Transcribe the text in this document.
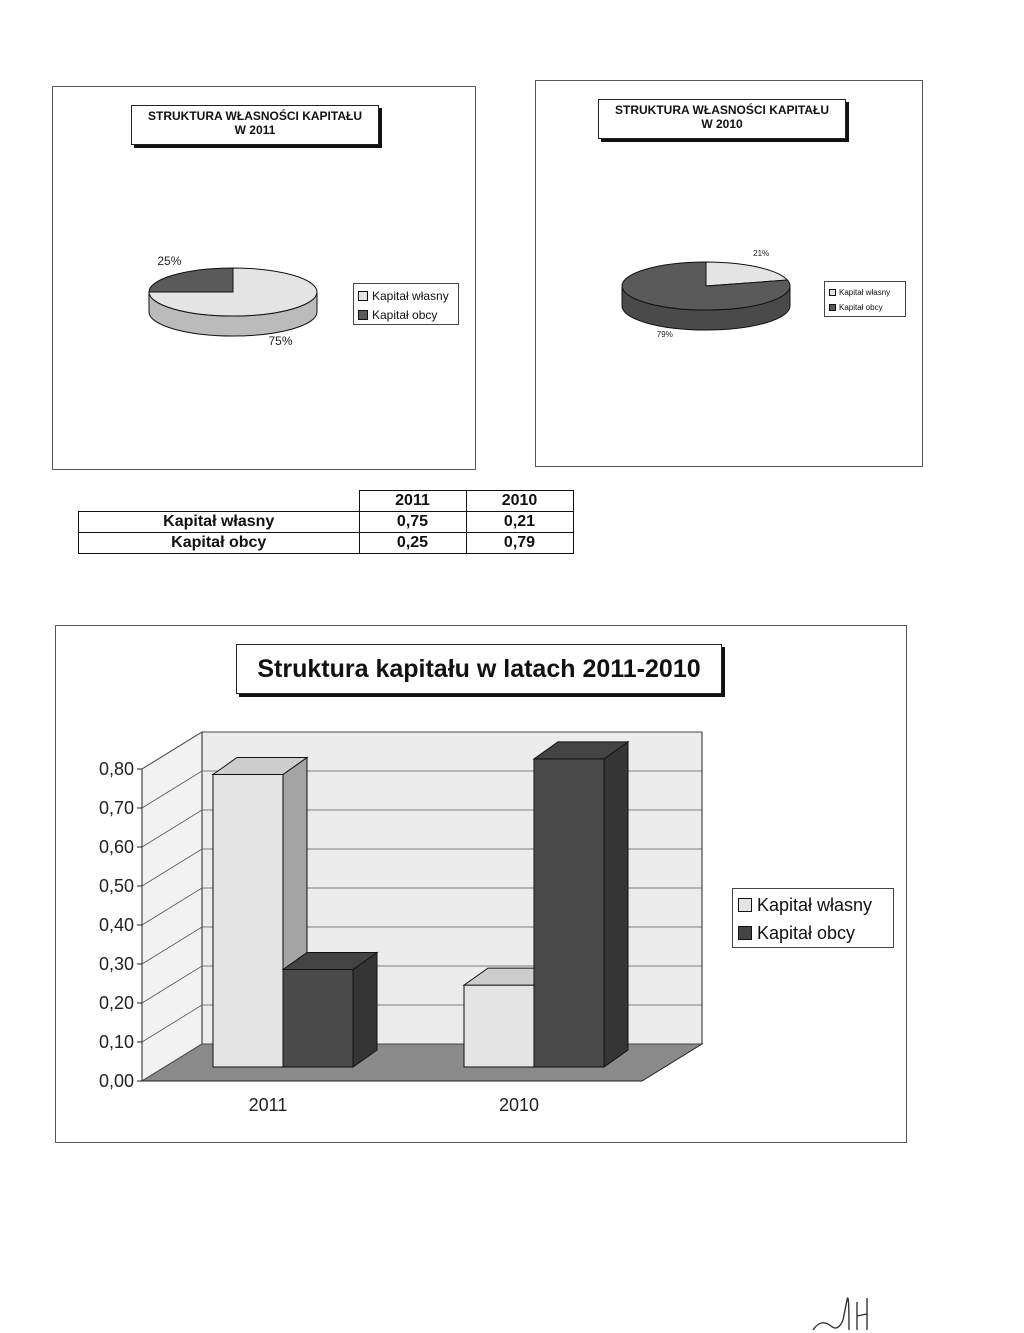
STRUKTURA WŁASNOŚCI KAPITAŁU
W 2011
25%
75%
Kapitał własny
Kapitał obcy
STRUKTURA WŁASNOŚCI KAPITAŁU
W 2010
21%
79%
Kapitał własny
Kapitał obcy
	2011	2010
Kapitał własny	0,75	0,21
Kapitał obcy	0,25	0,79
Struktura kapitału w latach 2011-2010
0,00
0,10
0,20
0,30
0,40
0,50
0,60
0,70
0,80
2011	2010
Kapitał własny
Kapitał obcy
